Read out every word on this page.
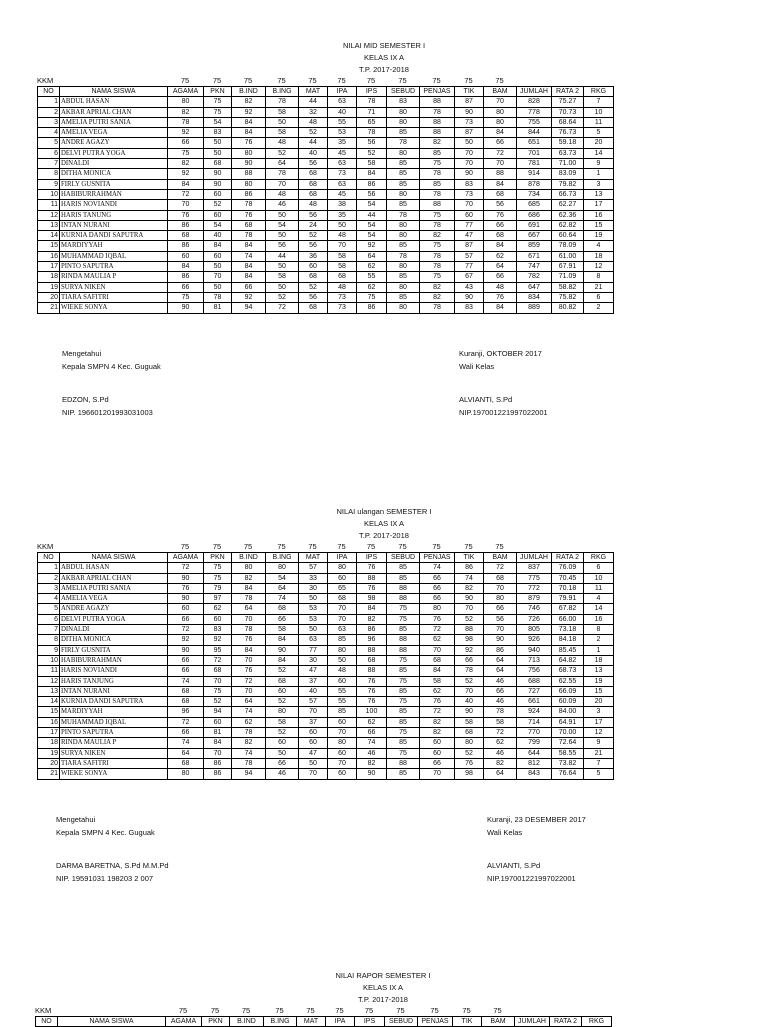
NILAI MID SEMESTER I
KELAS IX A
T.P. 2017-2018
KKM	75	75	75	75	75	75	75	75	75	75	75
NO	NAMA SISWA	AGAMA	PKN	B.IND	B.ING	MAT	IPA	IPS	SEBUD	PENJAS	TIK	BAM	JUMLAH	RATA 2	RKG
1	ABDUL HASAN	80	75	82	78	44	63	78	83	88	87	70	828	75.27	7
2	AKBAR APRIAL CHAN	82	75	92	58	32	40	71	80	78	90	80	778	70.73	10
3	AMELIA PUTRI SANIA	78	54	84	50	48	55	65	80	88	73	80	755	68.64	11
4	AMELIA VEGA	92	83	84	58	52	53	78	85	88	87	84	844	76.73	5
5	ANDRE AGAZY	66	50	76	48	44	35	56	78	82	50	66	651	59.18	20
6	DELVI PUTRA YOGA	75	50	80	52	40	45	52	80	85	70	72	701	63.73	14
7	DINALDI	82	68	90	64	56	63	58	85	75	70	70	781	71.00	9
8	DITHA MONICA	92	90	88	78	68	73	84	85	78	90	88	914	83.09	1
9	FIRLY GUSNITA	84	90	80	70	68	63	86	85	85	83	84	878	79.82	3
10	HABIBURRAHMAN	72	60	86	48	68	45	56	80	78	73	68	734	66.73	13
11	HARIS NOVIANDI	70	52	78	46	48	38	54	85	88	70	56	685	62.27	17
12	HARIS TANUNG	76	60	76	50	56	35	44	78	75	60	76	686	62.36	16
13	INTAN NURANI	86	54	68	54	24	50	54	80	78	77	66	691	62.82	15
14	KURNIA DANDI SAPUTRA	68	40	78	50	52	48	54	80	82	47	68	667	60.64	19
15	MARDIYYAH	86	84	84	56	56	70	92	85	75	87	84	859	78.09	4
16	MUHAMMAD IQBAL	60	60	74	44	36	58	64	78	78	57	62	671	61.00	18
17	PINTO SAPUTRA	84	50	84	50	60	58	62	80	78	77	64	747	67.91	12
18	RINDA MAULIA P	86	70	84	58	68	68	55	85	75	67	66	782	71.09	8
19	SURYA NIKEN	66	50	66	50	52	48	62	80	82	43	48	647	58.82	21
20	TIARA SAFITRI	75	78	92	52	56	73	75	85	82	90	76	834	75.82	6
21	WIEKE SONYA	90	81	94	72	68	73	86	80	78	83	84	889	80.82	2
Mengetahui
Kepala SMPN 4 Kec. Guguak
EDZON, S.Pd
NIP. 196601201993031003
Kuranji, OKTOBER 2017
Wali Kelas
ALVIANTI, S.Pd
NIP.197001221997022001
NILAI ulangan SEMESTER I
KELAS IX A
T.P. 2017-2018
KKM	75	75	75	75	75	75	75	75	75	75	75
NO	NAMA SISWA	AGAMA	PKN	B.IND	B.ING	MAT	IPA	IPS	SEBUD	PENJAS	TIK	BAM	JUMLAH	RATA 2	RKG
1	ABDUL HASAN	72	75	80	80	57	80	76	85	74	86	72	837	76.09	6
2	AKBAR APRIAL CHAN	90	75	82	54	33	60	88	85	66	74	68	775	70.45	10
3	AMELIA PUTRI SANIA	76	79	84	64	30	65	76	88	66	82	70	772	70.18	11
4	AMELIA VEGA	90	97	78	74	50	68	98	88	66	90	80	879	79.91	4
5	ANDRE AGAZY	60	62	64	68	53	70	84	75	80	70	66	746	67.82	14
6	DELVI PUTRA YOGA	66	60	70	66	53	70	82	75	76	52	56	726	66.00	16
7	DINALDI	72	83	78	58	50	63	86	85	72	88	70	805	73.18	8
8	DITHA MONICA	92	92	76	84	63	85	96	88	62	98	90	926	84.18	2
9	FIRLY GUSNITA	90	95	84	90	77	80	88	88	70	92	86	940	85.45	1
10	HABIBURRAHMAN	66	72	70	84	30	50	68	75	68	66	64	713	64.82	18
11	HARIS NOVIANDI	66	68	76	52	47	48	88	85	84	78	64	756	68.73	13
12	HARIS TANJUNG	74	70	72	68	37	60	76	75	58	52	46	688	62.55	19
13	INTAN NURANI	68	75	70	60	40	55	76	85	62	70	66	727	66.09	15
14	KURNIA DANDI SAPUTRA	68	52	64	52	57	55	76	75	76	40	46	661	60.09	20
15	MARDIYYAH	96	94	74	80	70	85	100	85	72	90	78	924	84.00	3
16	MUHAMMAD IQBAL	72	60	62	58	37	60	62	85	82	58	58	714	64.91	17
17	PINTO SAPUTRA	66	81	78	52	60	70	66	75	82	68	72	770	70.00	12
18	RINDA MAULIA P	74	84	82	60	60	80	74	85	60	80	62	799	72.64	9
19	SURYA NIKEN	64	70	74	50	47	60	46	75	60	52	46	644	58.55	21
20	TIARA SAFITRI	68	86	78	66	50	70	82	88	66	76	82	812	73.82	7
21	WIEKE SONYA	80	86	94	46	70	60	90	85	70	98	64	843	76.64	5
Mengetahui
Kepala SMPN 4 Kec. Guguak
DARMA BARETNA, S.Pd M.M.Pd
NIP. 19591031 198203 2 007
Kuranji, 23 DESEMBER 2017
Wali Kelas
ALVIANTI, S.Pd
NIP.197001221997022001
NILAI RAPOR SEMESTER I
KELAS IX A
T.P. 2017-2018
KKM	75	75	75	75	75	75	75	75	75	75	75
NO	NAMA SISWA	AGAMA	PKN	B.IND	B.ING	MAT	IPA	IPS	SEBUD	PENJAS	TIK	BAM	JUMLAH	RATA 2	RKG
